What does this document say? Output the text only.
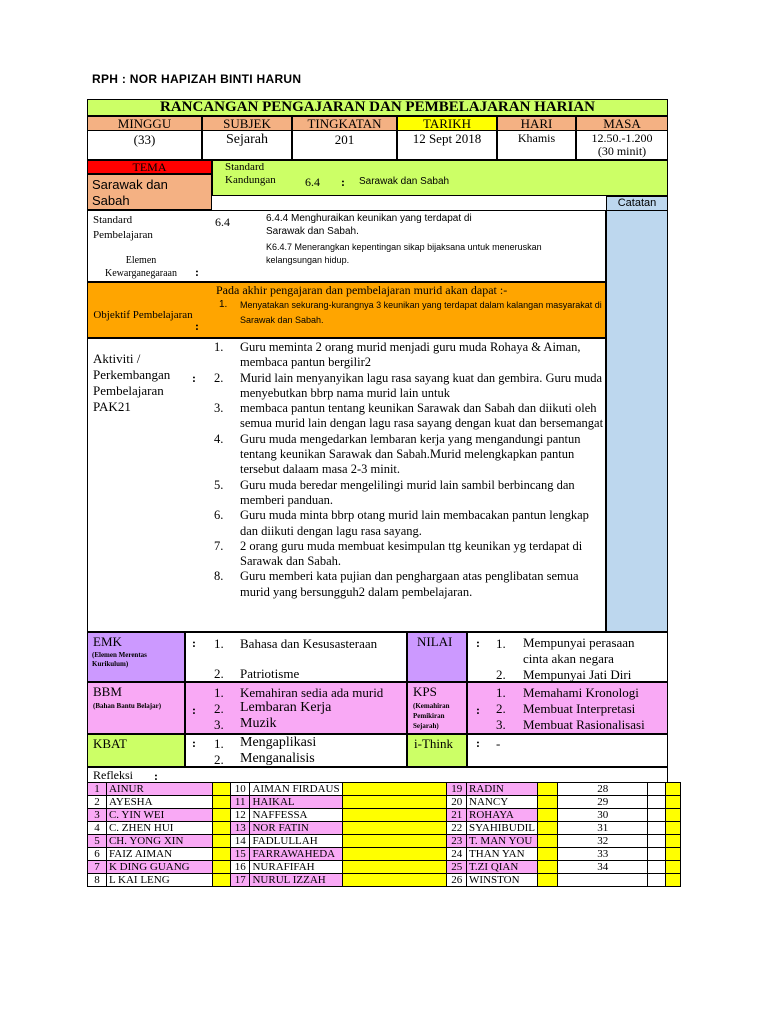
RPH : NOR HAPIZAH BINTI HARUN
RANCANGAN PENGAJARAN DAN PEMBELAJARAN HARIAN
MINGGU	SUBJEK	TINGKATAN	TARIKH	HARI	MASA
(33)	Sejarah	201	12 Sept 2018	Khamis	12.50.-1.200
(30 minit)
TEMA
Sarawak dan Sabah
Standard Kandungan	6.4 : Sarawak dan Sabah
Catatan
Standard Pembelajaran
Elemen Kewarganegaraan	:
6.4	6.4.4 Menghuraikan keunikan yang terdapat di Sarawak dan Sabah.
K6.4.7 Menerangkan kepentingan sikap bijaksana untuk meneruskan kelangsungan hidup.
Objektif Pembelajaran
:
Pada akhir pengajaran dan pembelajaran murid akan dapat :-
1. Menyatakan sekurang-kurangnya 3 keunikan yang terdapat dalam kalangan masyarakat di Sarawak dan Sabah.
Aktiviti / Perkembangan Pembelajaran PAK21
:
1.	Guru meminta 2 orang murid menjadi guru muda Rohaya & Aiman, membaca pantun bergilir2
2.	Murid lain menyanyikan lagu rasa sayang kuat dan gembira. Guru muda menyebutkan bbrp nama murid lain untuk
3.	membaca pantun tentang keunikan Sarawak dan Sabah dan diikuti oleh semua murid lain dengan lagu rasa sayang dengan kuat dan bersemangat
4.	Guru muda mengedarkan lembaran kerja yang mengandungi pantun tentang keunikan Sarawak dan Sabah.Murid melengkapkan pantun tersebut dalaam masa 2-3 minit.
5.	Guru muda beredar mengelilingi murid lain sambil berbincang dan memberi panduan.
6.	Guru muda minta bbrp otang murid lain membacakan pantun lengkap dan diikuti dengan lagu rasa sayang.
7.	2 orang guru muda membuat kesimpulan ttg keunikan yg terdapat di Sarawak dan Sabah.
8.	Guru memberi kata pujian dan penghargaan atas penglibatan semua murid yang bersungguh2 dalam pembelajaran.
EMK
(Elemen Merentas Kurikulum)
: 1. Bahasa dan Kesusasteraan
2. Patriotisme
NILAI	: 1. Mempunyai perasaan cinta akan negara
2. Mempunyai Jati Diri
BBM
(Bahan Bantu Belajar)	:
1. Kemahiran sedia ada murid
2. Lembaran Kerja
3. Muzik
KPS
(Kemahiran Pemikiran Sejarah)
:
1. Memahami Kronologi
2. Membuat Interpretasi
3. Membuat Rasionalisasi
KBAT	: 1. Mengaplikasi
2. Menganalisis
i-Think	: -
Refleksi :
1	AINUR		10	AIMAN FIRDAUS		19	RADIN		28		
2	AYESHA		11	HAIKAL		20	NANCY		29		
3	C. YIN WEI		12	NAFFESSA		21	ROHAYA		30		
4	C. ZHEN HUI		13	NOR FATIN		22	SYAHIBUDIL		31		
5	CH. YONG XIN		14	FADLULLAH		23	T. MAN YOU		32		
6	FAIZ AIMAN		15	FARRAWAHEDA		24	THAN YAN		33		
7	K DING GUANG		16	NURAFIFAH		25	T.ZI QIAN		34		
8	L KAI LENG		17	NURUL IZZAH		26	WINSTON				
